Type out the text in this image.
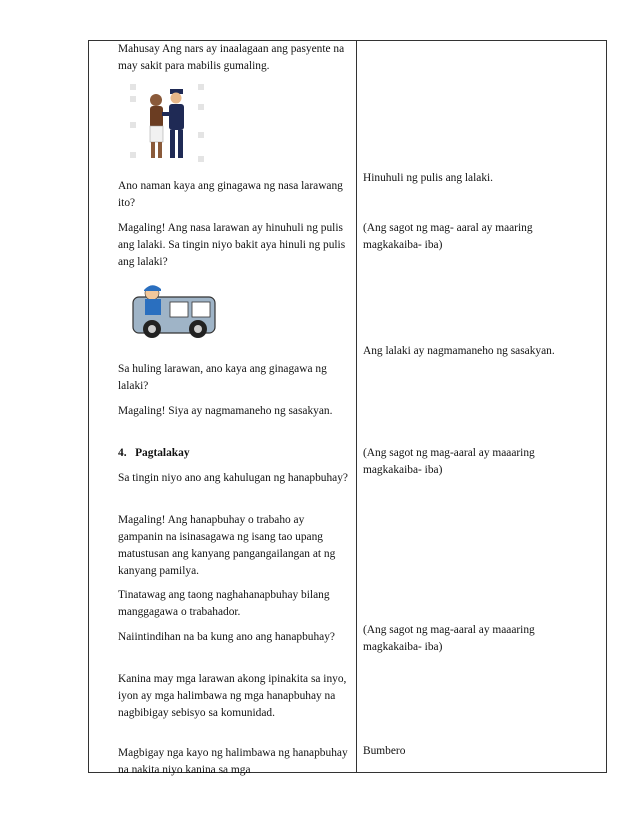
Mahusay Ang nars ay inaalagaan ang pasyente na may sakit para mabilis gumaling.

Ano naman kaya ang ginagawa ng nasa larawang ito?

Magaling! Ang nasa larawan ay hinuhuli ng pulis ang lalaki. Sa tingin niyo bakit aya hinuli ng pulis ang lalaki?

Sa huling larawan, ano kaya ang ginagawa ng lalaki?

Magaling! Siya ay nagmamaneho ng sasakyan.

4. Pagtalakay

Sa tingin niyo ano ang kahulugan ng hanapbuhay?

Magaling! Ang hanapbuhay o trabaho ay gampanin na isinasagawa ng isang tao upang matustusan ang kanyang pangangailangan at ng kanyang pamilya.

Tinatawag ang taong naghahanapbuhay bilang manggagawa o trabahador.

Naiintindihan na ba kung ano ang hanapbuhay?

Kanina may mga larawan akong ipinakita sa inyo, iyon ay mga halimbawa ng mga hanapbuhay na nagbibigay sebisyo sa komunidad.

Magbigay nga kayo ng halimbawa ng hanapbuhay na nakita niyo kanina sa mga

Hinuhuli ng pulis ang lalaki.

(Ang sagot ng mag- aaral ay maaring magkakaiba- iba)

Ang lalaki ay nagmamaneho ng sasakyan.

(Ang sagot ng mag-aaral ay maaaring magkakaiba- iba)

(Ang sagot ng mag-aaral ay maaaring magkakaiba- iba)

Bumbero
